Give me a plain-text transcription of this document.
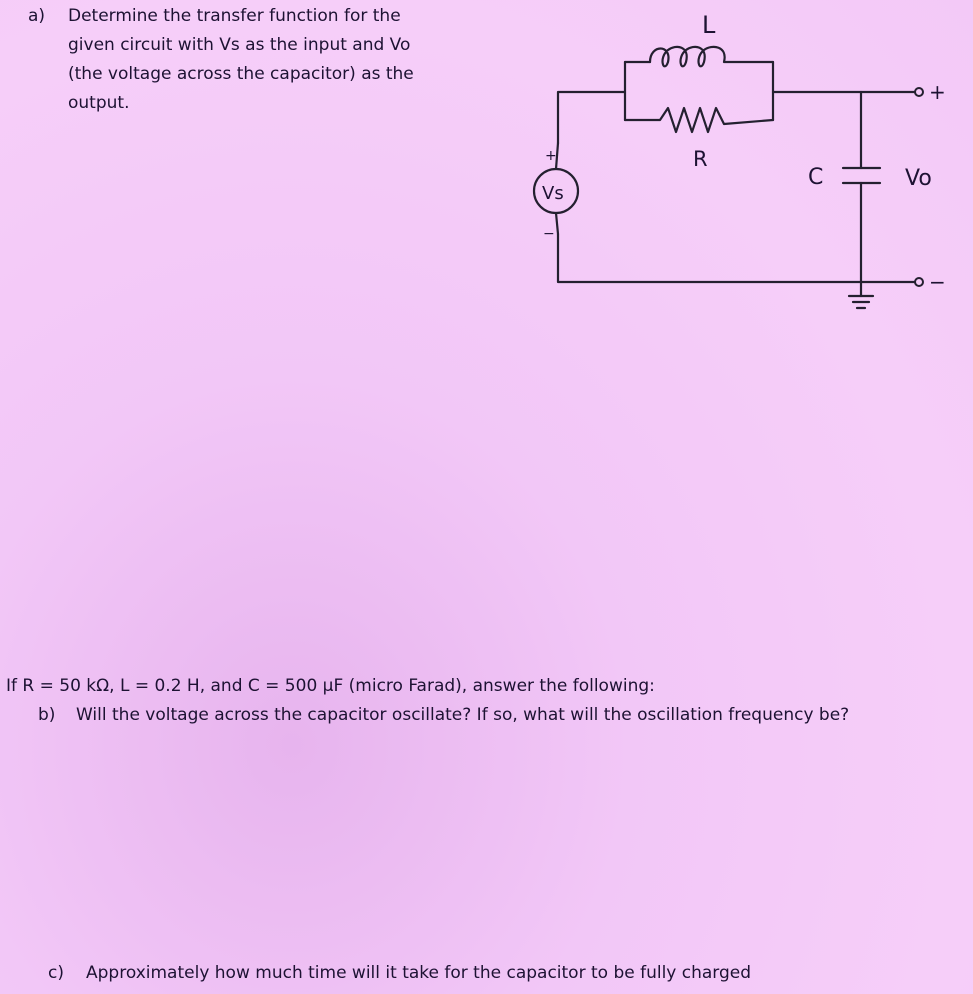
a) Determine the transfer function for the
given circuit with Vs as the input and Vo
(the voltage across the capacitor) as the
output.
L
R
C
Vs
+
−
Vo
+
−
If R = 50 kΩ, L = 0.2 H, and C = 500 μF (micro Farad), answer the following:
b) Will the voltage across the capacitor oscillate? If so, what will the oscillation frequency be?
c) Approximately how much time will it take for the capacitor to be fully charged
